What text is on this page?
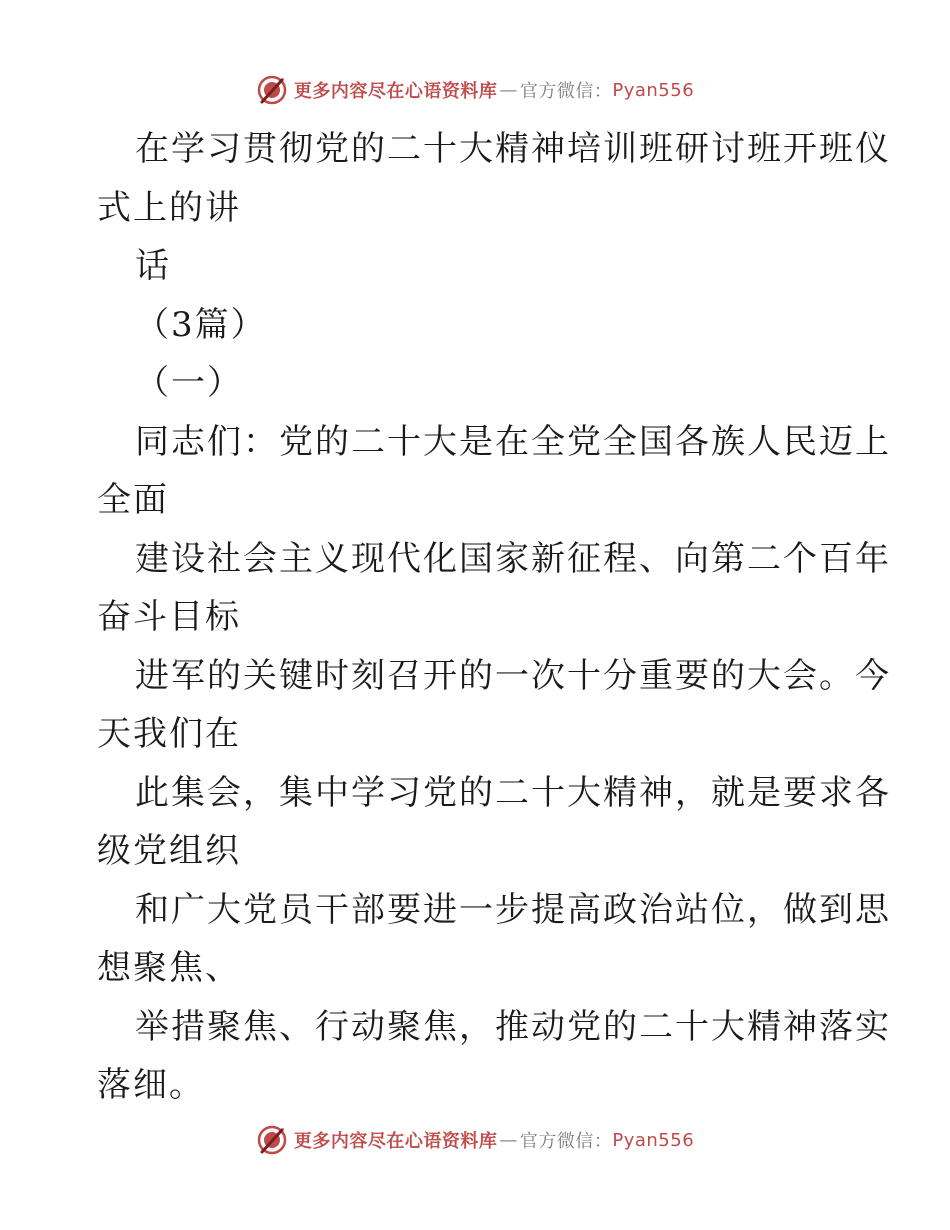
更多内容尽在心语资料库 — 官方微信： Pyan556
在学习贯彻党的二十大精神培训班研讨班开班仪
式上的讲
话
（3篇）
（一）
同志们：党的二十大是在全党全国各族人民迈上
全面
建设社会主义现代化国家新征程、向第二个百年
奋斗目标
进军的关键时刻召开的一次十分重要的大会。今
天我们在
此集会，集中学习党的二十大精神，就是要求各
级党组织
和广大党员干部要进一步提高政治站位，做到思
想聚焦、
举措聚焦、行动聚焦，推动党的二十大精神落实
落细。
更多内容尽在心语资料库 — 官方微信： Pyan556
